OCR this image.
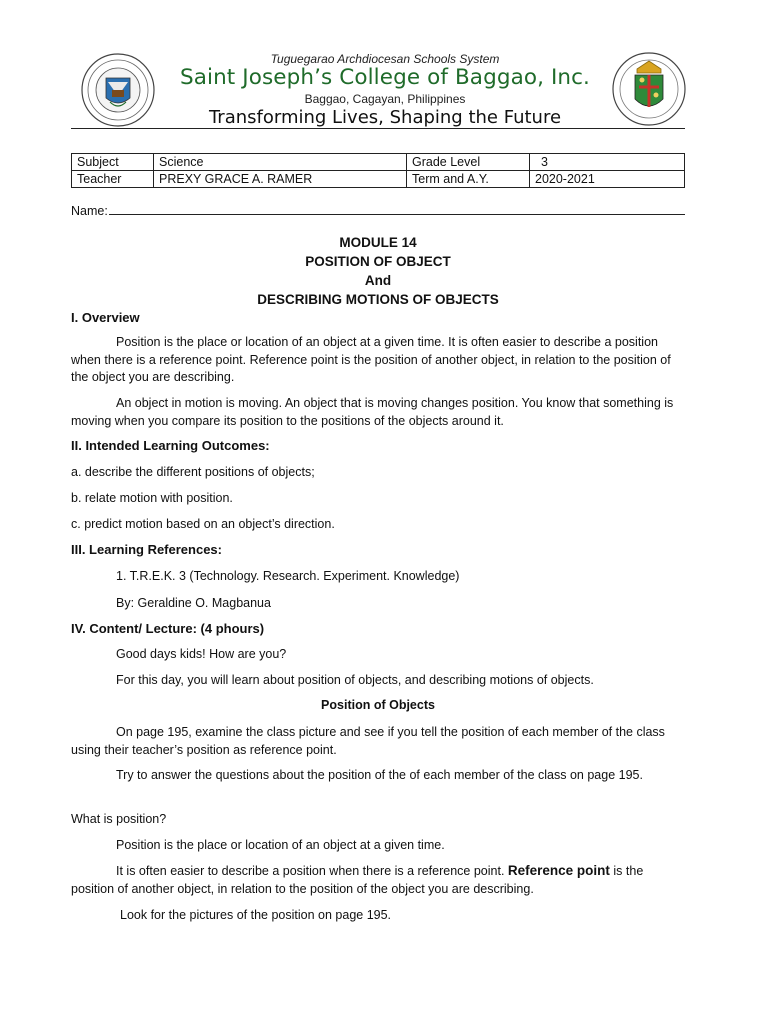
Tuguegarao Archdiocesan Schools System
Saint Joseph’s College of Baggao, Inc.
Baggao, Cagayan, Philippines
Transforming Lives, Shaping the Future
Subject	Science	Grade Level	3
Teacher	PREXY GRACE A. RAMER	Term and A.Y.	2020-2021
Name:
MODULE 14
POSITION OF OBJECT
And
DESCRIBING MOTIONS OF OBJECTS
I. Overview
Position is the place or location of an object at a given time. It is often easier to describe a position when there is a reference point. Reference point is the position of another object, in relation to the position of the object you are describing.
An object in motion is moving. An object that is moving changes position. You know that something is moving when you compare its position to the positions of the objects around it.
II. Intended Learning Outcomes:
a. describe the different positions of objects;
b. relate motion with position.
c. predict motion based on an object’s direction.
III. Learning References:
1. T.R.E.K. 3 (Technology. Research. Experiment. Knowledge)
By: Geraldine O. Magbanua
IV. Content/ Lecture: (4 phours)
Good days kids! How are you?
For this day, you will learn about position of objects, and describing motions of objects.
Position of Objects
On page 195, examine the class picture and see if you tell the position of each member of the class using their teacher’s position as reference point.
Try to answer the questions about the position of the of each member of the class on page 195.
What is position?
Position is the place or location of an object at a given time.
It is often easier to describe a position when there is a reference point. Reference point is the position of another object, in relation to the position of the object you are describing.
Look for the pictures of the position on page 195.
